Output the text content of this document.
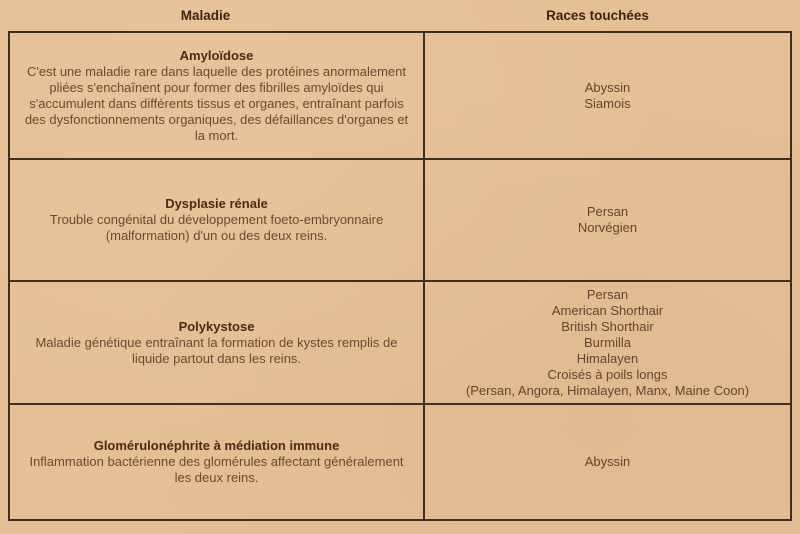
Maladie	Races touchées
Amyloïdose
C'est une maladie rare dans laquelle des protéines anormalement pliées s'enchaînent pour former des fibrilles amyloïdes qui s'accumulent dans différents tissus et organes, entraînant parfois des dysfonctionnements organiques, des défaillances d'organes et la mort.
Abyssin
Siamois
Dysplasie rénale
Trouble congénital du développement foeto-embryonnaire (malformation) d'un ou des deux reins.
Persan
Norvégien
Polykystose
Maladie génétique entraînant la formation de kystes remplis de liquide partout dans les reins.
Persan
American Shorthair
British Shorthair
Burmilla
Himalayen
Croisés à poils longs
(Persan, Angora, Himalayen, Manx, Maine Coon)
Glomérulonéphrite à médiation immune
Inflammation bactérienne des glomérules affectant généralement les deux reins.
Abyssin
